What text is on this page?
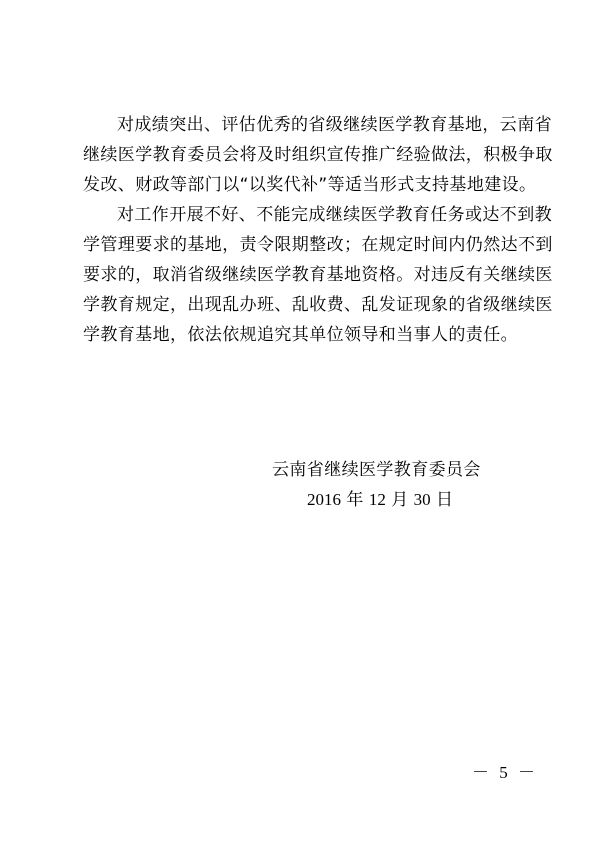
对成绩突出、评估优秀的省级继续医学教育基地，云南省
继续医学教育委员会将及时组织宣传推广经验做法，积极争取
发改、财政等部门以“以奖代补”等适当形式支持基地建设。

对工作开展不好、不能完成继续医学教育任务或达不到教
学管理要求的基地，责令限期整改；在规定时间内仍然达不到
要求的，取消省级继续医学教育基地资格。对违反有关继续医
学教育规定，出现乱办班、乱收费、乱发证现象的省级继续医
学教育基地，依法依规追究其单位领导和当事人的责任。

云南省继续医学教育委员会
2016 年 12 月 30 日
－ 5 －
